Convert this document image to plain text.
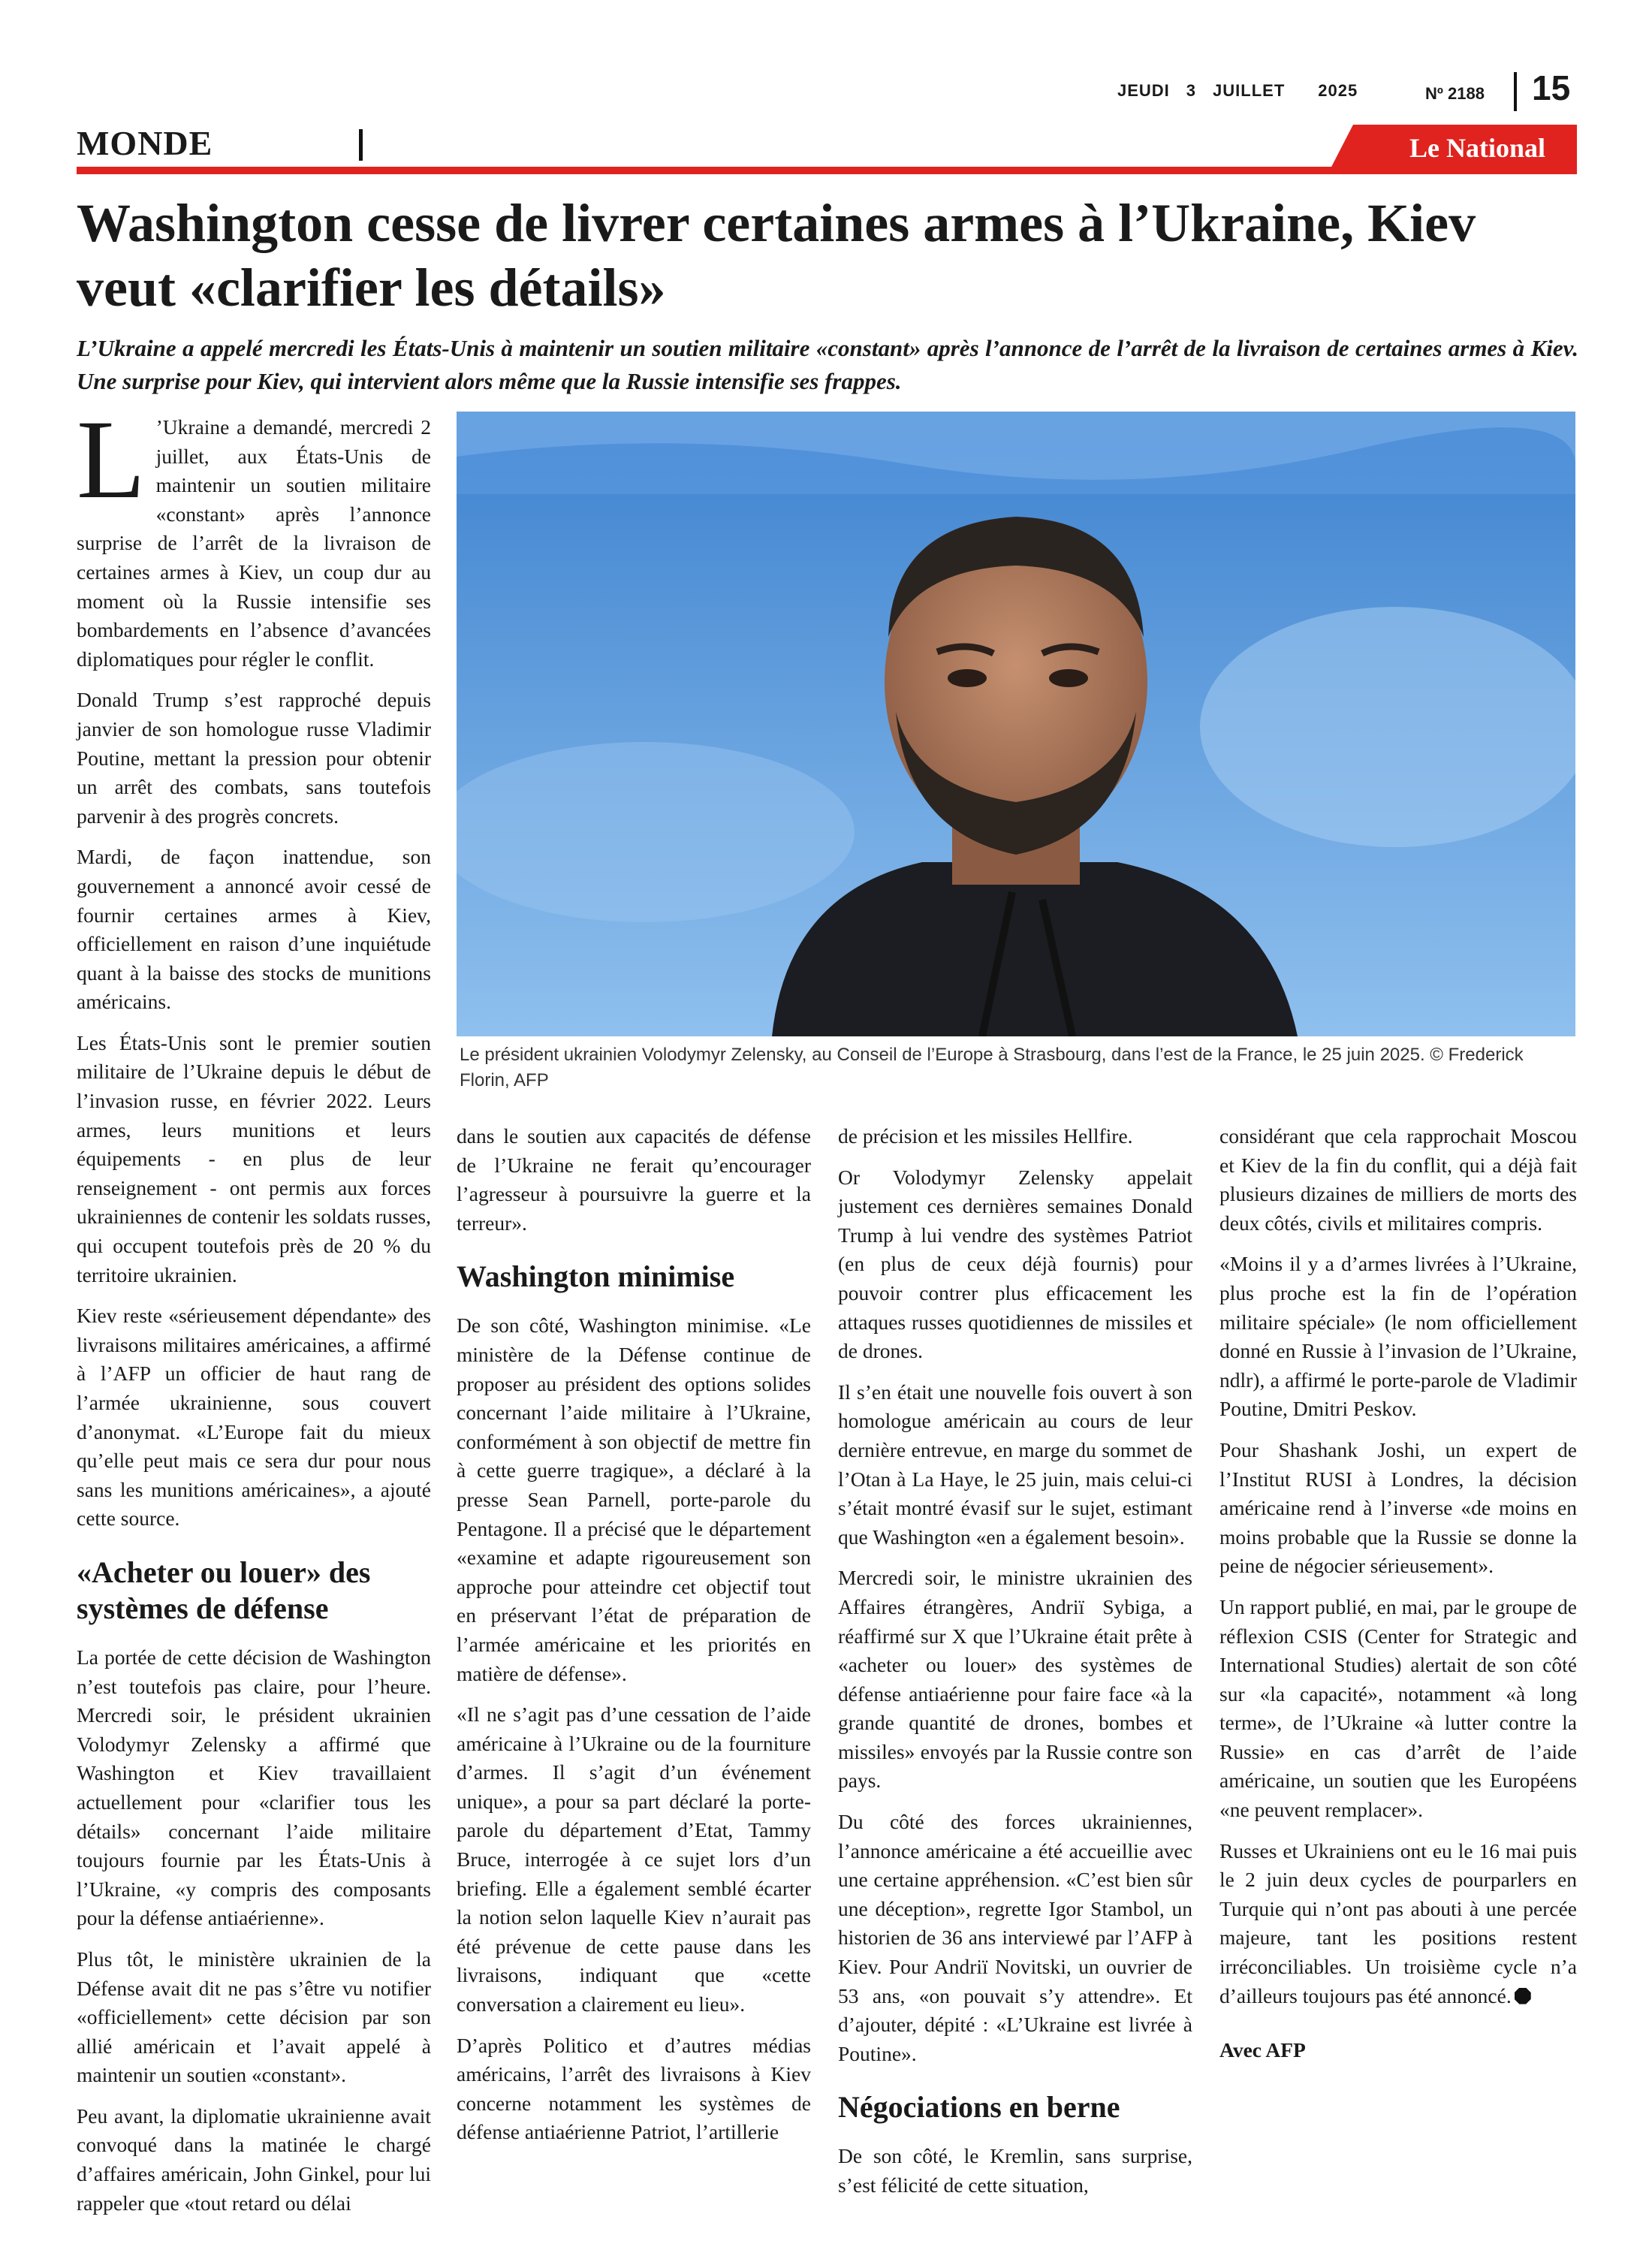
JEUDI 3 JUILLET 2025	Nº 2188 15
MONDE	Le National
Washington cesse de livrer certaines armes à l’Ukraine, Kiev veut «clarifier les détails»

L’Ukraine a appelé mercredi les États-Unis à maintenir un soutien militaire «constant» après l’annonce de l’arrêt de la livraison de certaines armes à Kiev. Une surprise pour Kiev, qui intervient alors même que la Russie intensifie ses frappes.

Le président ukrainien Volodymyr Zelensky, au Conseil de l’Europe à Strasbourg, dans l’est de la France, le 25 juin 2025. © Frederick Florin, AFP

L ’Ukraine a demandé, mercredi 2 juillet, aux États-Unis de maintenir un soutien militaire «constant» après l’annonce surprise de l’arrêt de la livraison de certaines armes à Kiev, un coup dur au moment où la Russie intensifie ses bombardements en l’absence d’avancées diplomatiques pour régler le conflit.

Donald Trump s’est rapproché depuis janvier de son homologue russe Vladimir Poutine, mettant la pression pour obtenir un arrêt des combats, sans toutefois parvenir à des progrès concrets.

Mardi, de façon inattendue, son gouvernement a annoncé avoir cessé de fournir certaines armes à Kiev, officiellement en raison d’une inquiétude quant à la baisse des stocks de munitions américains.

Les États-Unis sont le premier soutien militaire de l’Ukraine depuis le début de l’invasion russe, en février 2022. Leurs armes, leurs munitions et leurs équipements - en plus de leur renseignement - ont permis aux forces ukrainiennes de contenir les soldats russes, qui occupent toutefois près de 20 % du territoire ukrainien.

Kiev reste «sérieusement dépendante» des livraisons militaires américaines, a affirmé à l’AFP un officier de haut rang de l’armée ukrainienne, sous couvert d’anonymat. «L’Europe fait du mieux qu’elle peut mais ce sera dur pour nous sans les munitions américaines», a ajouté cette source.

«Acheter ou louer» des systèmes de défense

La portée de cette décision de Washington n’est toutefois pas claire, pour l’heure. Mercredi soir, le président ukrainien Volodymyr Zelensky a affirmé que Washington et Kiev travaillaient actuellement pour «clarifier tous les détails» concernant l’aide militaire toujours fournie par les États-Unis à l’Ukraine, «y compris des composants pour la défense antiaérienne».

Plus tôt, le ministère ukrainien de la Défense avait dit ne pas s’être vu notifier «officiellement» cette décision par son allié américain et l’avait appelé à maintenir un soutien «constant».

Peu avant, la diplomatie ukrainienne avait convoqué dans la matinée le chargé d’affaires américain, John Ginkel, pour lui rappeler que «tout retard ou délai

dans le soutien aux capacités de défense de l’Ukraine ne ferait qu’encourager l’agresseur à poursuivre la guerre et la terreur».

Washington minimise

De son côté, Washington minimise. «Le ministère de la Défense continue de proposer au président des options solides concernant l’aide militaire à l’Ukraine, conformément à son objectif de mettre fin à cette guerre tragique», a déclaré à la presse Sean Parnell, porte-parole du Pentagone. Il a précisé que le département «examine et adapte rigoureusement son approche pour atteindre cet objectif tout en préservant l’état de préparation de l’armée américaine et les priorités en matière de défense».

«Il ne s’agit pas d’une cessation de l’aide américaine à l’Ukraine ou de la fourniture d’armes. Il s’agit d’un événement unique», a pour sa part déclaré la porte-parole du département d’Etat, Tammy Bruce, interrogée à ce sujet lors d’un briefing. Elle a également semblé écarter la notion selon laquelle Kiev n’aurait pas été prévenue de cette pause dans les livraisons, indiquant que «cette conversation a clairement eu lieu».

D’après Politico et d’autres médias américains, l’arrêt des livraisons à Kiev concerne notamment les systèmes de défense antiaérienne Patriot, l’artillerie

de précision et les missiles Hellfire.

Or Volodymyr Zelensky appelait justement ces dernières semaines Donald Trump à lui vendre des systèmes Patriot (en plus de ceux déjà fournis) pour pouvoir contrer plus efficacement les attaques russes quotidiennes de missiles et de drones.

Il s’en était une nouvelle fois ouvert à son homologue américain au cours de leur dernière entrevue, en marge du sommet de l’Otan à La Haye, le 25 juin, mais celui-ci s’était montré évasif sur le sujet, estimant que Washington «en a également besoin».

Mercredi soir, le ministre ukrainien des Affaires étrangères, Andriï Sybiga, a réaffirmé sur X que l’Ukraine était prête à «acheter ou louer» des systèmes de défense antiaérienne pour faire face «à la grande quantité de drones, bombes et missiles» envoyés par la Russie contre son pays.

Du côté des forces ukrainiennes, l’annonce américaine a été accueillie avec une certaine appréhension. «C’est bien sûr une déception», regrette Igor Stambol, un historien de 36 ans interviewé par l’AFP à Kiev. Pour Andriï Novitski, un ouvrier de 53 ans, «on pouvait s’y attendre». Et d’ajouter, dépité : «L’Ukraine est livrée à Poutine».

Négociations en berne

De son côté, le Kremlin, sans surprise, s’est félicité de cette situation,

considérant que cela rapprochait Moscou et Kiev de la fin du conflit, qui a déjà fait plusieurs dizaines de milliers de morts des deux côtés, civils et militaires compris.

«Moins il y a d’armes livrées à l’Ukraine, plus proche est la fin de l’opération militaire spéciale» (le nom officiellement donné en Russie à l’invasion de l’Ukraine, ndlr), a affirmé le porte-parole de Vladimir Poutine, Dmitri Peskov.

Pour Shashank Joshi, un expert de l’Institut RUSI à Londres, la décision américaine rend à l’inverse «de moins en moins probable que la Russie se donne la peine de négocier sérieusement».

Un rapport publié, en mai, par le groupe de réflexion CSIS (Center for Strategic and International Studies) alertait de son côté sur «la capacité», notamment «à long terme», de l’Ukraine «à lutter contre la Russie» en cas d’arrêt de l’aide américaine, un soutien que les Européens «ne peuvent remplacer».

Russes et Ukrainiens ont eu le 16 mai puis le 2 juin deux cycles de pourparlers en Turquie qui n’ont pas abouti à une percée majeure, tant les positions restent irréconciliables. Un troisième cycle n’a d’ailleurs toujours pas été annoncé.

Avec AFP
